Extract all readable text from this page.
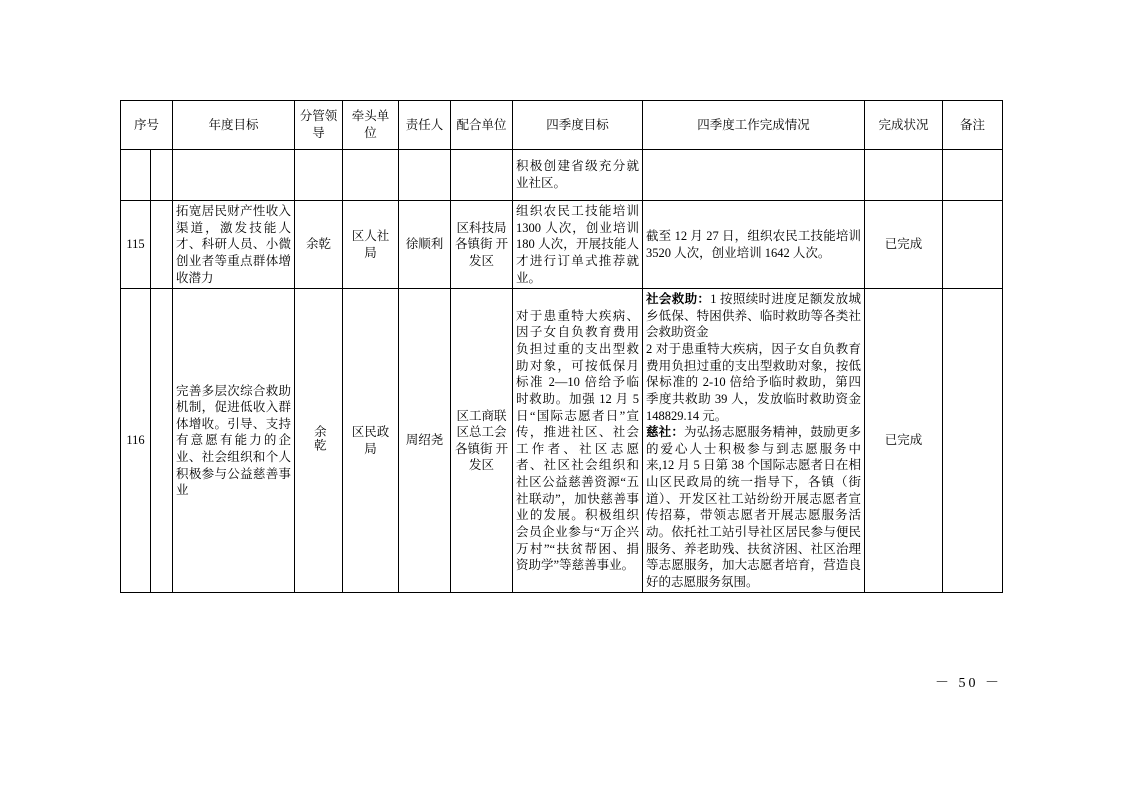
序号		年度目标	分管领导	牵头单位	责任人	配合单位	四季度目标	四季度工作完成情况	完成状况	备注
							积极创建省级充分就业社区。			
115		拓宽居民财产性收入渠道，激发技能人才、科研人员、小微创业者等重点群体增收潜力	余乾	区人社局	徐顺利	区科技局 各镇街 开发区	组织农民工技能培训 1300 人次，创业培训 180 人次，开展技能人才进行订单式推荐就业。	截至 12 月 27 日，组织农民工技能培训 3520 人次，创业培训 1642 人次。	已完成	
116		完善多层次综合救助机制，促进低收入群体增收。引导、支持有意愿有能力的企业、社会组织和个人积极参与公益慈善事业	余乾	区民政局	周绍尧	区工商联 区总工会 各镇街 开发区	对于患重特大疾病、因子女自负教育费用负担过重的支出型救助对象，可按低保月标准 2—10 倍给予临时救助。加强 12 月 5 日“国际志愿者日”宣传，推进社区、社会工作者、社区志愿者、社区社会组织和社区公益慈善资源“五社联动”，加快慈善事业的发展。积极组织会员企业参与“万企兴万村”“扶贫帮困、捐资助学”等慈善事业。	社会救助：1 按照续时进度足额发放城乡低保、特困供养、临时救助等各类社会救助资金
2 对于患重特大疾病，因子女自负教育费用负担过重的支出型救助对象，按低保标准的 2-10 倍给予临时救助，第四季度共救助 39 人，发放临时救助资金 148829.14 元。
慈社：为弘扬志愿服务精神，鼓励更多的爱心人士积极参与到志愿服务中来,12 月 5 日第 38 个国际志愿者日在相山区民政局的统一指导下，各镇（街道）、开发区社工站纷纷开展志愿者宣传招募，带领志愿者开展志愿服务活动。依托社工站引导社区居民参与便民服务、养老助残、扶贫济困、社区治理等志愿服务，加大志愿者培育，营造良好的志愿服务氛围。	已完成	
－ 50 －
